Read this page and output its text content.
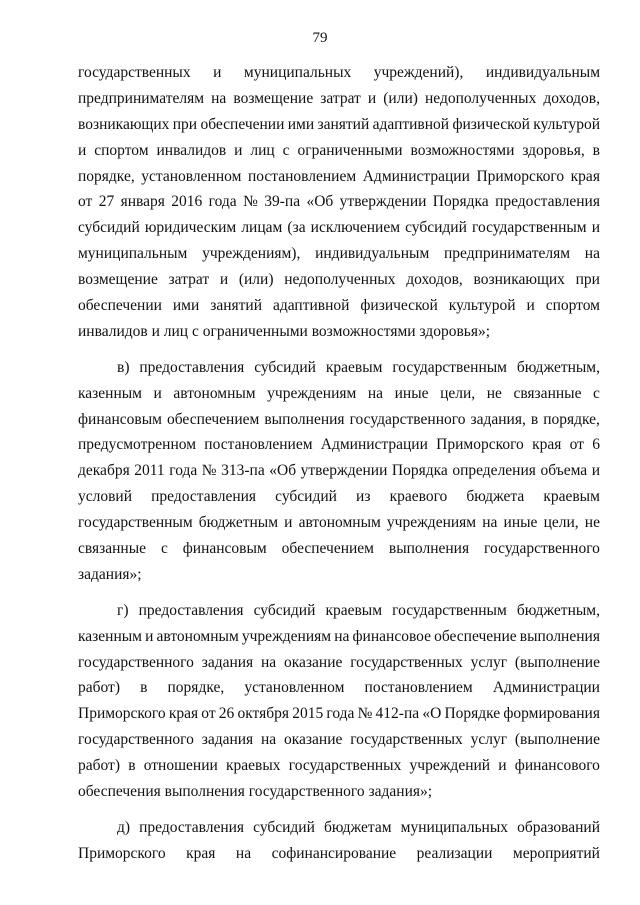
79
государственных и муниципальных учреждений), индивидуальным
предпринимателям на возмещение затрат и (или) недополученных доходов,
возникающих при обеспечении ими занятий адаптивной физической культурой
и спортом инвалидов и лиц с ограниченными возможностями здоровья, в
порядке, установленном постановлением Администрации Приморского края
от 27 января 2016 года № 39-па «Об утверждении Порядка предоставления
субсидий юридическим лицам (за исключением субсидий государственным и
муниципальным учреждениям), индивидуальным предпринимателям на
возмещение затрат и (или) недополученных доходов, возникающих при
обеспечении ими занятий адаптивной физической культурой и спортом
инвалидов и лиц с ограниченными возможностями здоровья»;
в) предоставления субсидий краевым государственным бюджетным,
казенным и автономным учреждениям на иные цели, не связанные с
финансовым обеспечением выполнения государственного задания, в порядке,
предусмотренном постановлением Администрации Приморского края от 6
декабря 2011 года № 313-па «Об утверждении Порядка определения объема и
условий предоставления субсидий из краевого бюджета краевым
государственным бюджетным и автономным учреждениям на иные цели, не
связанные с финансовым обеспечением выполнения государственного
задания»;
г) предоставления субсидий краевым государственным бюджетным,
казенным и автономным учреждениям на финансовое обеспечение выполнения
государственного задания на оказание государственных услуг (выполнение
работ) в порядке, установленном постановлением Администрации
Приморского края от 26 октября 2015 года № 412-па «О Порядке формирования
государственного задания на оказание государственных услуг (выполнение
работ) в отношении краевых государственных учреждений и финансового
обеспечения выполнения государственного задания»;
д) предоставления субсидий бюджетам муниципальных образований
Приморского края на софинансирование реализации мероприятий
